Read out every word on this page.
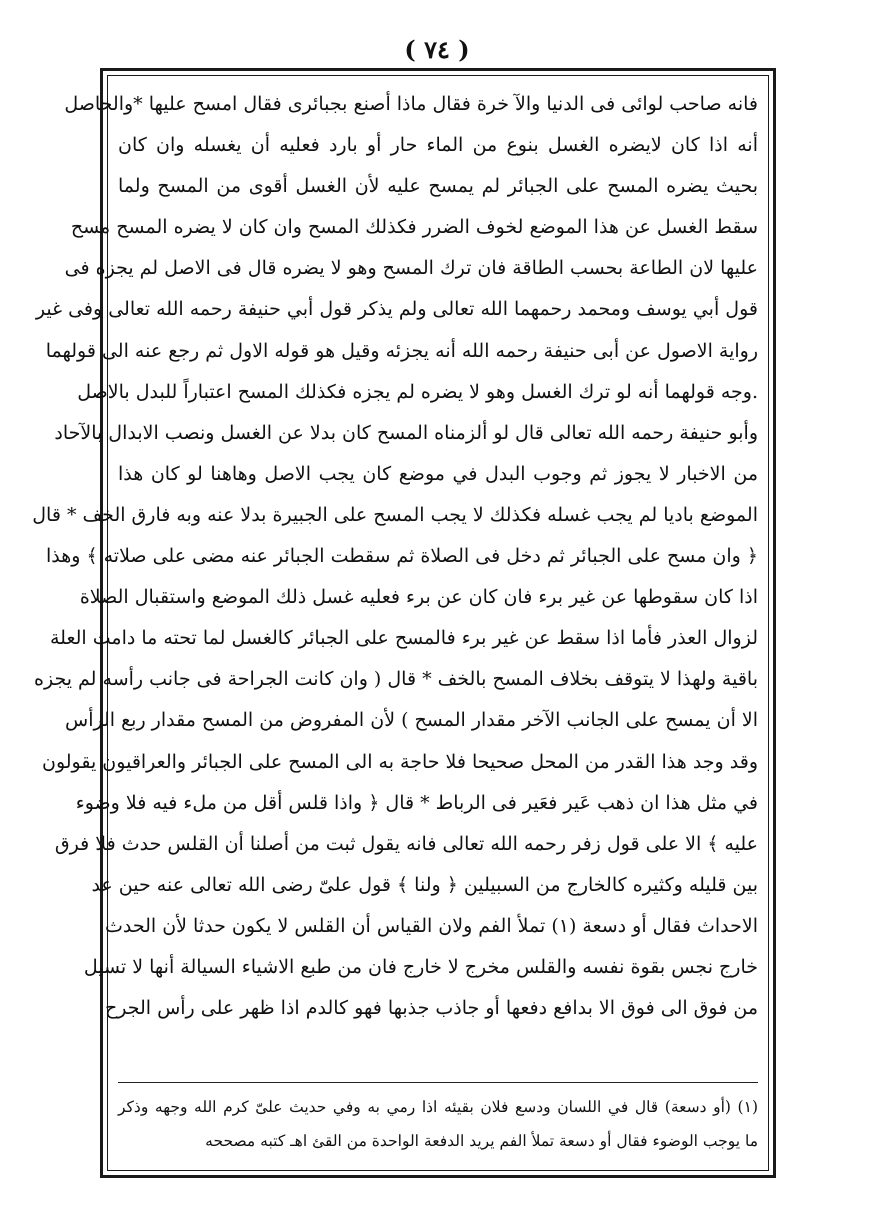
( ٧٤ )
فانه صاحب لوائى فى الدنيا والآ خرة فقال ماذا أصنع بجبائرى فقال امسح عليها *والحاصل
أنه اذا كان لايضره الغسل بنوع من الماء حار أو بارد فعليه أن يغسله وان كان
بحيث يضره المسح على الجبائر لم يمسح عليه لأن الغسل أقوى من المسح ولما
سقط الغسل عن هذا الموضع لخوف الضرر فكذلك المسح وان كان لا يضره المسح مسح
عليها لان الطاعة بحسب الطاقة فان ترك المسح وهو لا يضره قال فى الاصل لم يجزه فى
قول أبي يوسف ومحمد رحمهما الله تعالى ولم يذكر قول أبي حنيفة رحمه الله تعالى وفى غير
رواية الاصول عن أبى حنيفة رحمه الله أنه يجزئه وقيل هو قوله الاول ثم رجع عنه الى قولهما
.وجه قولهما أنه لو ترك الغسل وهو لا يضره لم يجزه فكذلك المسح اعتباراً للبدل بالاصل
وأبو حنيفة رحمه الله تعالى قال لو ألزمناه المسح كان بدلا عن الغسل ونصب الابدال بالآحاد
من الاخبار لا يجوز ثم وجوب البدل في موضع كان يجب الاصل وهاهنا لو كان هذا
الموضع باديا لم يجب غسله فكذلك لا يجب المسح على الجبيرة بدلا عنه وبه فارق الخف * قال
﴿ وان مسح على الجبائر ثم دخل فى الصلاة ثم سقطت الجبائر عنه مضى على صلاته ﴾ وهذا
اذا كان سقوطها عن غير برء فان كان عن برء فعليه غسل ذلك الموضع واستقبال الصلاة
لزوال العذر فأما اذا سقط عن غير برء فالمسح على الجبائر كالغسل لما تحته ما دامت العلة
باقية ولهذا لا يتوقف بخلاف المسح بالخف * قال ( وان كانت الجراحة فى جانب رأسه لم يجزه
الا أن يمسح على الجانب الآخر مقدار المسح ) لأن المفروض من المسح مقدار ربع الرأس
وقد وجد هذا القدر من المحل صحيحا فلا حاجة به الى المسح على الجبائر والعراقيون يقولون
في مثل هذا ان ذهب عَير فعَير فى الرباط * قال ﴿ واذا قلس أقل من ملء فيه فلا وضوء
عليه ﴾ الا على قول زفر رحمه الله تعالى فانه يقول ثبت من أصلنا أن القلس حدث فلا فرق
بين قليله وكثيره كالخارج من السبيلين ﴿ ولنا ﴾ قول علىّ رضى الله تعالى عنه حين عد
الاحداث فقال أو دسعة (١) تملأ الفم ولان القياس أن القلس لا يكون حدثا لأن الحدث
خارج نجس بقوة نفسه والقلس مخرج لا خارج فان من طبع الاشياء السيالة أنها لا تسيل
من فوق الى فوق الا بدافع دفعها أو جاذب جذبها فهو كالدم اذا ظهر على رأس الجرح
(١) (أو دسعة) قال في اللسان ودسع فلان بقيئه اذا رمي به وفي حديث علىّ كرم الله وجهه وذكر
ما يوجب الوضوء فقال أو دسعة تملأ الفم يريد الدفعة الواحدة من القئ اهـ كتبه مصححه
